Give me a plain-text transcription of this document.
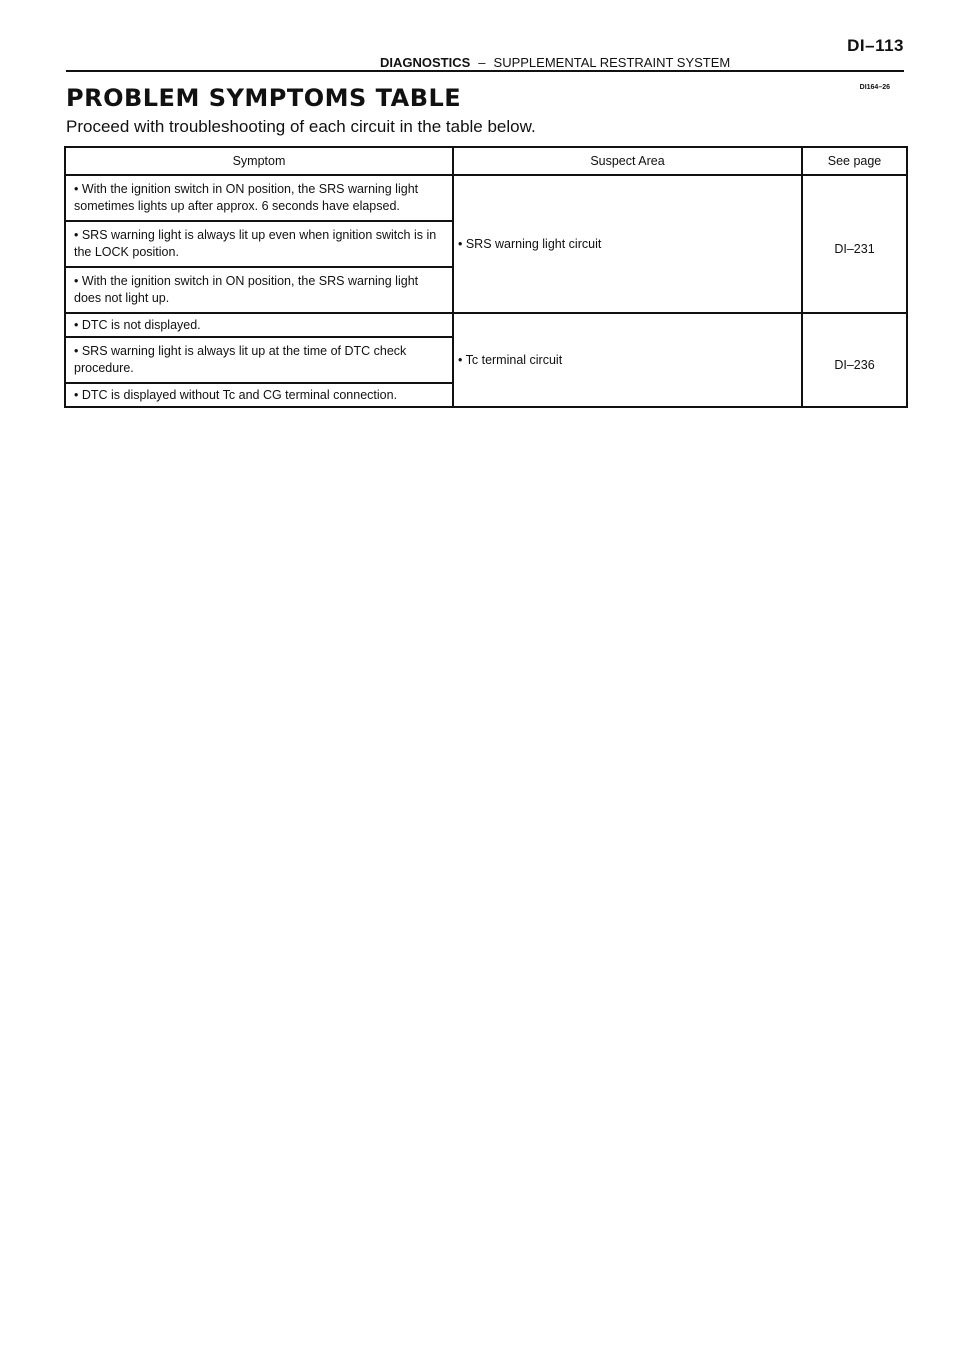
DI–113
DIAGNOSTICS – SUPPLEMENTAL RESTRAINT SYSTEM
DI164–26
PROBLEM SYMPTOMS TABLE

Proceed with troubleshooting of each circuit in the table below.

Symptom	Suspect Area	See page
• With the ignition switch in ON position, the SRS warning light sometimes lights up after approx. 6 seconds have elapsed.	• SRS warning light circuit	DI–231
• SRS warning light is always lit up even when ignition switch is in the LOCK position.		
• With the ignition switch in ON position, the SRS warning light does not light up.		
• DTC is not displayed.	• Tc terminal circuit	DI–236
• SRS warning light is always lit up at the time of DTC check procedure.		
• DTC is displayed without Tc and CG terminal connection.		
